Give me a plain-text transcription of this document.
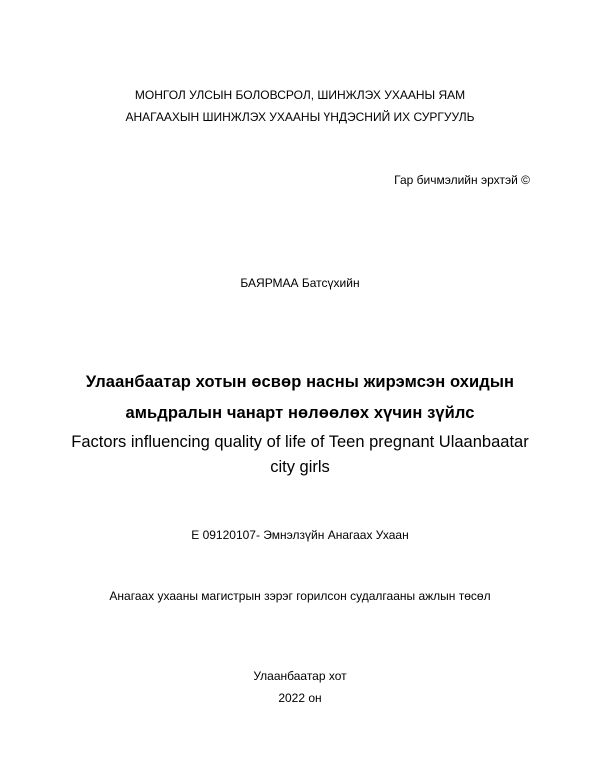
МОНГОЛ УЛСЫН БОЛОВСРОЛ, ШИНЖЛЭХ УХААНЫ ЯАМ
АНАГААХЫН ШИНЖЛЭХ УХААНЫ ҮНДЭСНИЙ ИХ СУРГУУЛЬ
Гар бичмэлийн эрхтэй ©
БАЯРМАА Батсүхийн
Улаанбаатар хотын өсвөр насны жирэмсэн охидын
амьдралын чанарт нөлөөлөх хүчин зүйлс
Factors influencing quality of life of Teen pregnant Ulaanbaatar
city girls
Е 09120107- Эмнэлзүйн Анагаах Ухаан
Анагаах ухааны магистрын зэрэг горилсон судалгааны ажлын төсөл
Улаанбаатар хот
2022 он
